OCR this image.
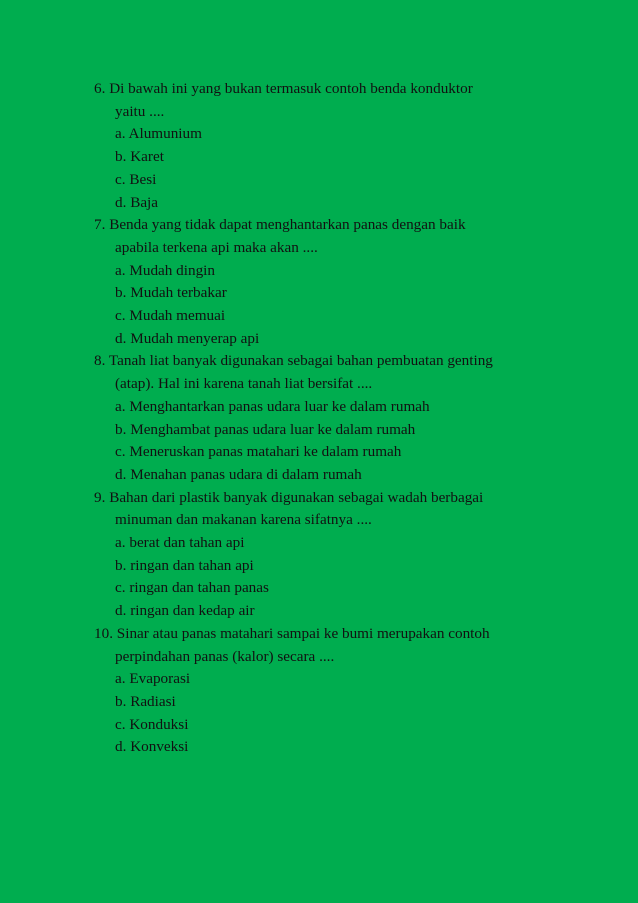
6. Di bawah ini yang bukan termasuk contoh benda konduktor
yaitu ....
a. Alumunium
b. Karet
c. Besi
d. Baja
7. Benda yang tidak dapat menghantarkan panas dengan baik
apabila terkena api maka akan ....
a. Mudah dingin
b. Mudah terbakar
c. Mudah memuai
d. Mudah menyerap api
8. Tanah liat banyak digunakan sebagai bahan pembuatan genting
(atap). Hal ini karena tanah liat bersifat ....
a. Menghantarkan panas udara luar ke dalam rumah
b. Menghambat panas udara luar ke dalam rumah
c. Meneruskan panas matahari ke dalam rumah
d. Menahan panas udara di dalam rumah
9. Bahan dari plastik banyak digunakan sebagai wadah berbagai
minuman dan makanan karena sifatnya ....
a. berat dan tahan api
b. ringan dan tahan api
c. ringan dan tahan panas
d. ringan dan kedap air
10. Sinar atau panas matahari sampai ke bumi merupakan contoh
perpindahan panas (kalor) secara ....
a. Evaporasi
b. Radiasi
c. Konduksi
d. Konveksi
